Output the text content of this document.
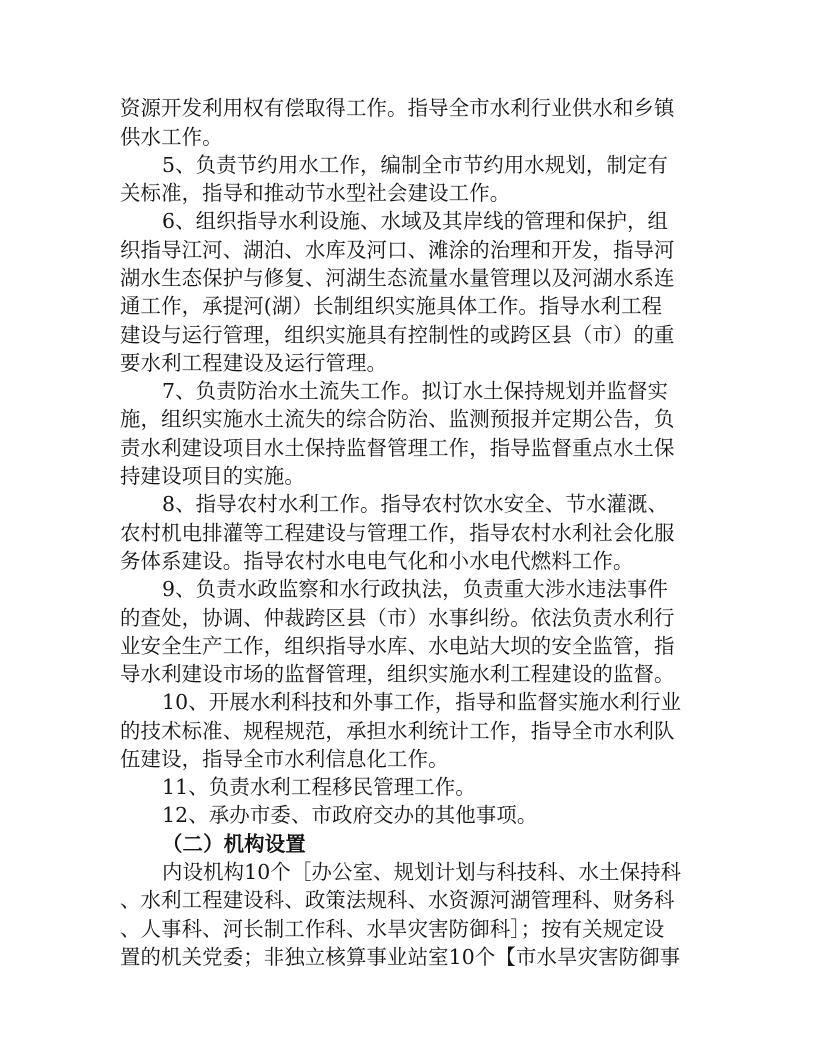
资源开发利用权有偿取得工作。指导全市水利行业供水和乡镇
供水工作。
5、负责节约用水工作，编制全市节约用水规划，制定有
关标准，指导和推动节水型社会建设工作。
6、组织指导水利设施、水域及其岸线的管理和保护，组
织指导江河、湖泊、水库及河口、滩涂的治理和开发，指导河
湖水生态保护与修复、河湖生态流量水量管理以及河湖水系连
通工作，承提河(湖）长制组织实施具体工作。指导水利工程
建设与运行管理，组织实施具有控制性的或跨区县（市）的重
要水利工程建设及运行管理。
7、负责防治水土流失工作。拟订水土保持规划并监督实
施，组织实施水土流失的综合防治、监测预报并定期公告，负
责水利建设项目水土保持监督管理工作，指导监督重点水土保
持建设项目的实施。
8、指导农村水利工作。指导农村饮水安全、节水灌溉、
农村机电排灌等工程建设与管理工作，指导农村水利社会化服
务体系建设。指导农村水电电气化和小水电代燃料工作。
9、负责水政监察和水行政执法，负责重大涉水违法事件
的查处，协调、仲裁跨区县（市）水事纠纷。依法负责水利行
业安全生产工作，组织指导水库、水电站大坝的安全监管，指
导水利建设市场的监督管理，组织实施水利工程建设的监督。
10、开展水利科技和外事工作，指导和监督实施水利行业
的技术标准、规程规范，承担水利统计工作，指导全市水利队
伍建设，指导全市水利信息化工作。
11、负责水利工程移民管理工作。
12、承办市委、市政府交办的其他事项。
（二）机构设置
内设机构10个［办公室、规划计划与科技科、水土保持科
、水利工程建设科、政策法规科、水资源河湖管理科、财务科
、人事科、河长制工作科、水旱灾害防御科］；按有关规定设
置的机关党委；非独立核算事业站室10个【市水旱灾害防御事
